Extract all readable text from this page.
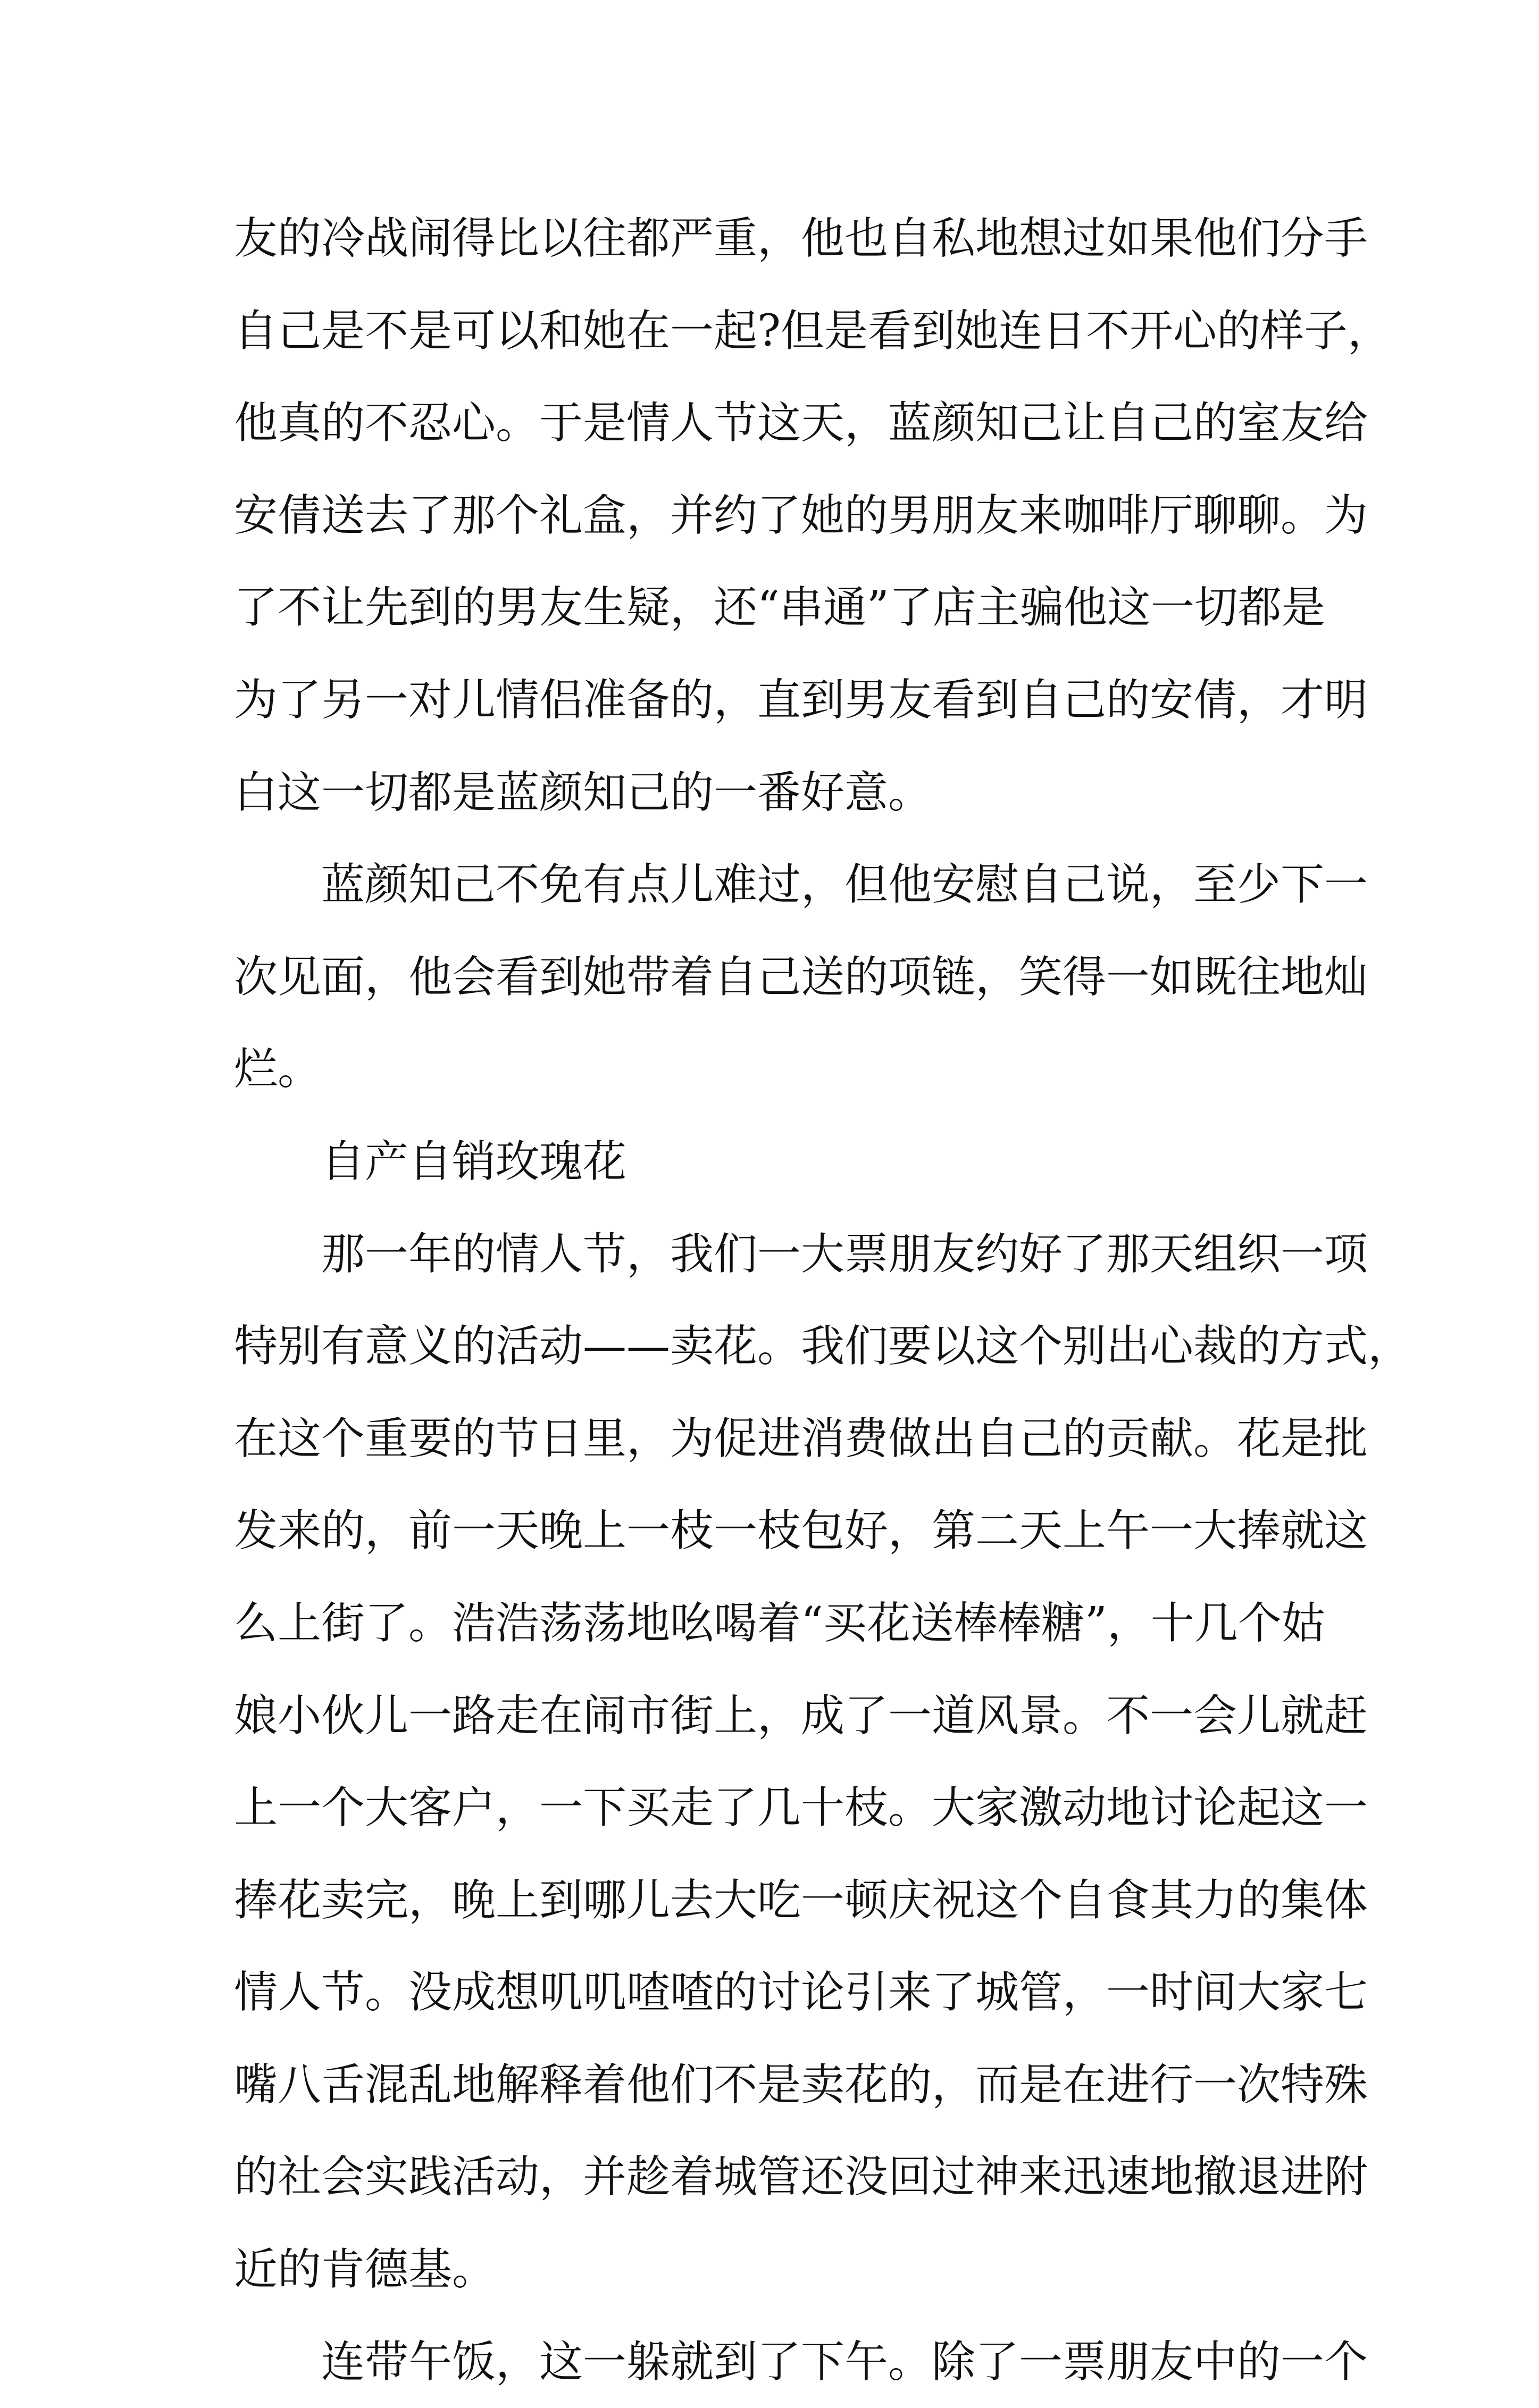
友的冷战闹得比以往都严重，他也自私地想过如果他们分手
自己是不是可以和她在一起?但是看到她连日不开心的样子，
他真的不忍心。于是情人节这天，蓝颜知己让自己的室友给
安倩送去了那个礼盒，并约了她的男朋友来咖啡厅聊聊。为
了不让先到的男友生疑，还“串通”了店主骗他这一切都是
为了另一对儿情侣准备的，直到男友看到自己的安倩，才明
白这一切都是蓝颜知己的一番好意。
蓝颜知己不免有点儿难过，但他安慰自己说，至少下一
次见面，他会看到她带着自己送的项链，笑得一如既往地灿
烂。
自产自销玫瑰花
那一年的情人节，我们一大票朋友约好了那天组织一项
特别有意义的活动——卖花。我们要以这个别出心裁的方式，
在这个重要的节日里，为促进消费做出自己的贡献。花是批
发来的，前一天晚上一枝一枝包好，第二天上午一大捧就这
么上街了。浩浩荡荡地吆喝着“买花送棒棒糖”，十几个姑
娘小伙儿一路走在闹市街上，成了一道风景。不一会儿就赶
上一个大客户，一下买走了几十枝。大家激动地讨论起这一
捧花卖完，晚上到哪儿去大吃一顿庆祝这个自食其力的集体
情人节。没成想叽叽喳喳的讨论引来了城管，一时间大家七
嘴八舌混乱地解释着他们不是卖花的，而是在进行一次特殊
的社会实践活动，并趁着城管还没回过神来迅速地撤退进附
近的肯德基。
连带午饭，这一躲就到了下午。除了一票朋友中的一个
